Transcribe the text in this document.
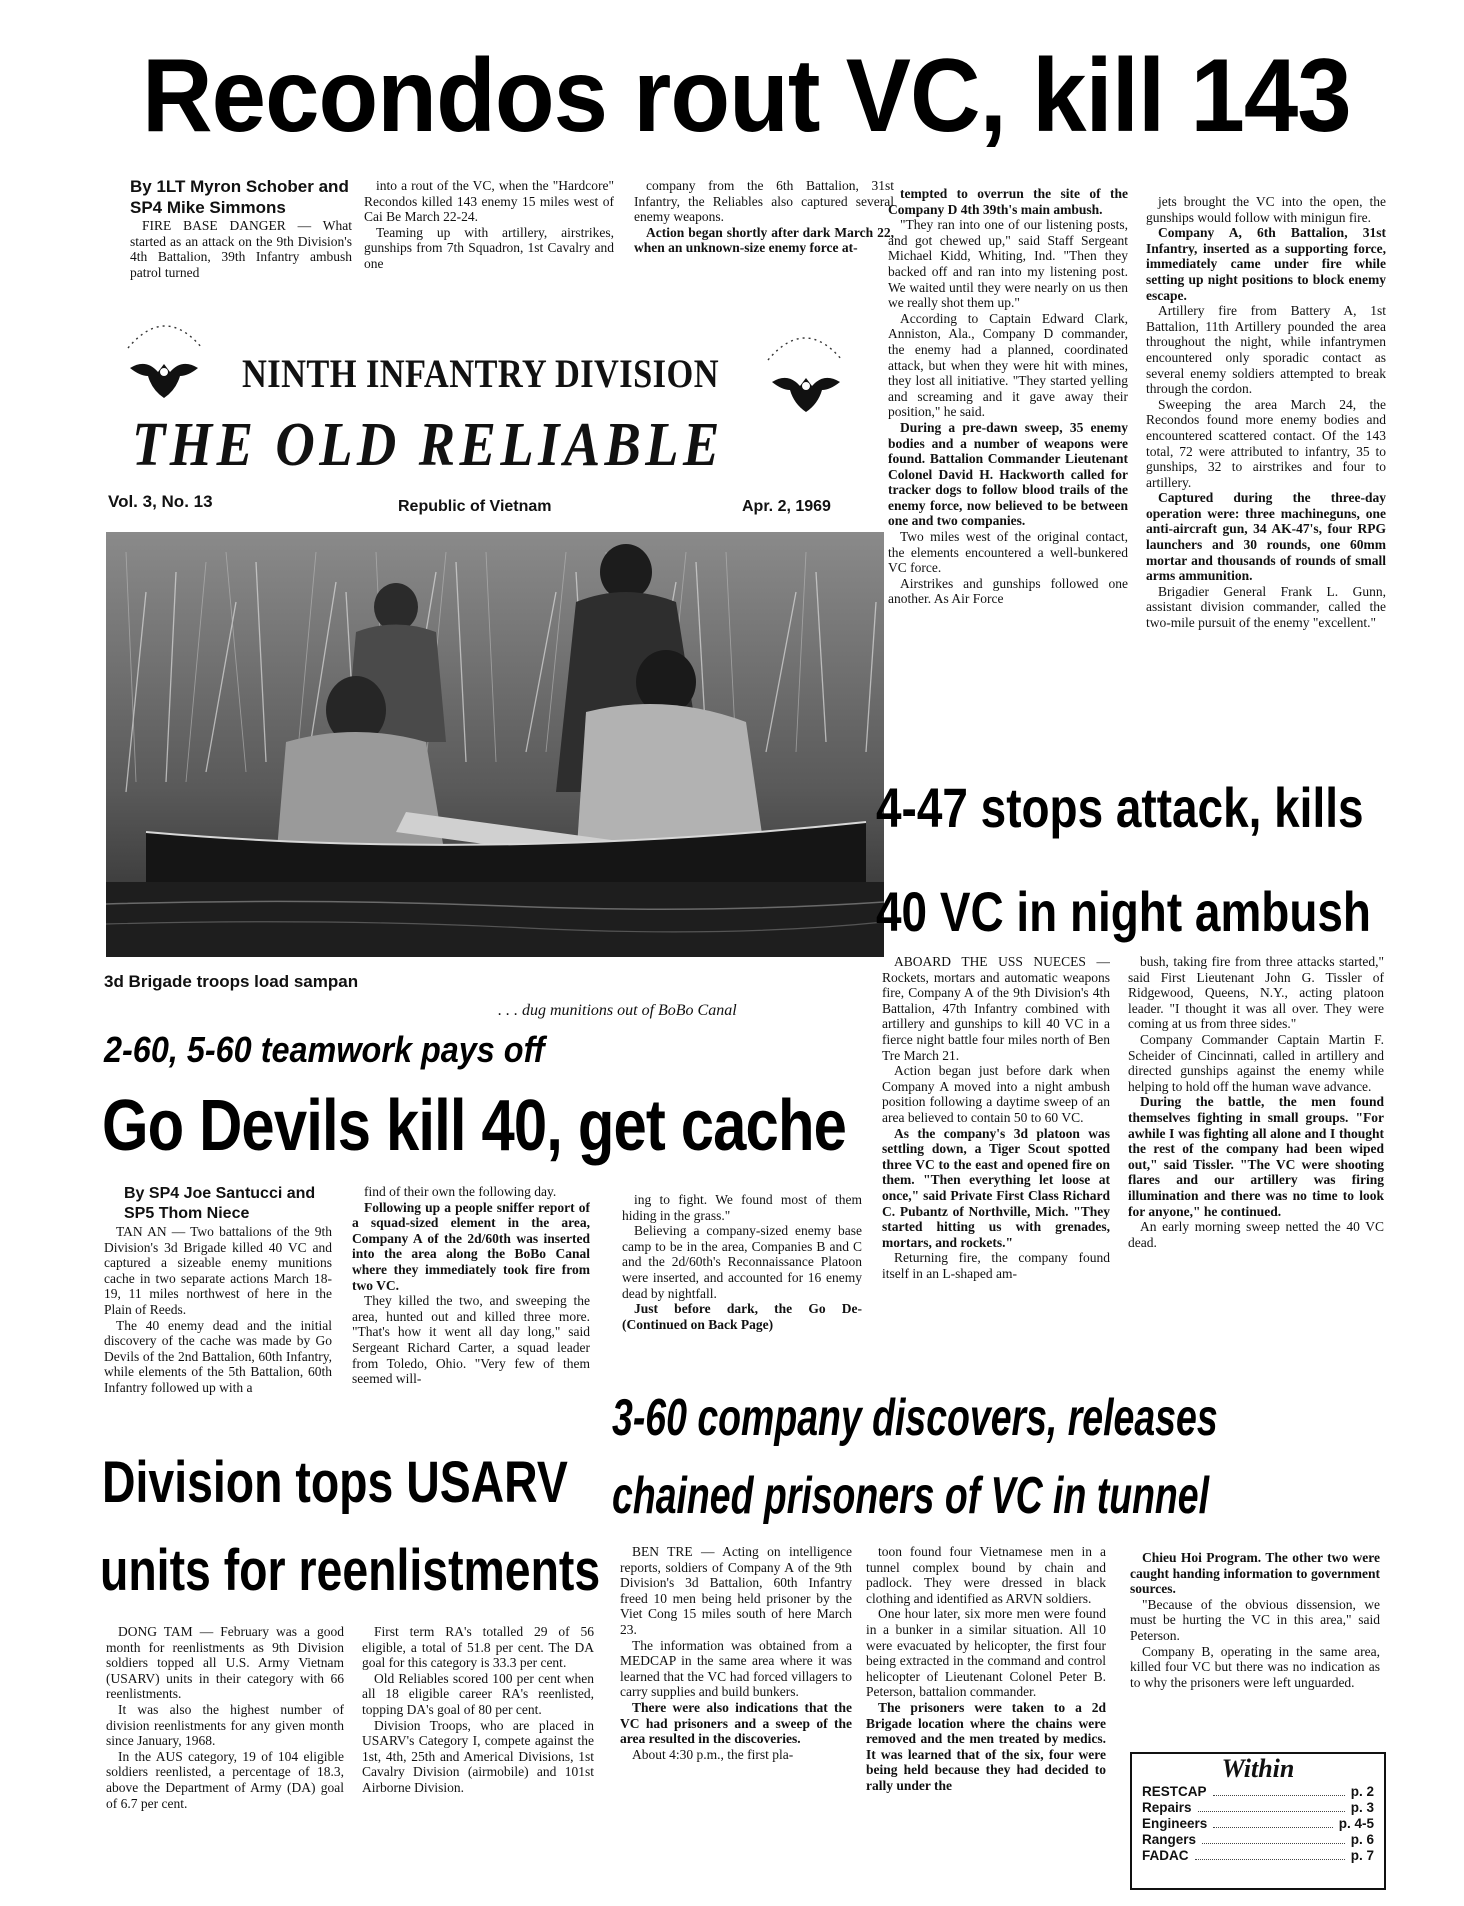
Recondos rout VC, kill 143
By 1LT Myron Schober and SP4 Mike Simmons

FIRE BASE DANGER — What started as an attack on the 9th Division's 4th Battalion, 39th Infantry ambush patrol turned

into a rout of the VC, when the "Hardcore" Recondos killed 143 enemy 15 miles west of Cai Be March 22-24.

Teaming up with artillery, airstrikes, gunships from 7th Squadron, 1st Cavalry and one

company from the 6th Battalion, 31st Infantry, the Reliables also captured several enemy weapons.

Action began shortly after dark March 22, when an unknown-size enemy force at-

tempted to overrun the site of the Company D 4th 39th's main ambush.

"They ran into one of our listening posts, and got chewed up," said Staff Sergeant Michael Kidd, Whiting, Ind. "Then they backed off and ran into my listening post. We waited until they were nearly on us then we really shot them up."

According to Captain Edward Clark, Anniston, Ala., Company D commander, the enemy had a planned, coordinated attack, but when they were hit with mines, they lost all initiative. "They started yelling and screaming and it gave away their position," he said.

During a pre-dawn sweep, 35 enemy bodies and a number of weapons were found. Battalion Commander Lieutenant Colonel David H. Hackworth called for tracker dogs to follow blood trails of the enemy force, now believed to be between one and two companies.

Two miles west of the original contact, the elements encountered a well-bunkered VC force.

Airstrikes and gunships followed one another. As Air Force

jets brought the VC into the open, the gunships would follow with minigun fire.

Company A, 6th Battalion, 31st Infantry, inserted as a supporting force, immediately came under fire while setting up night positions to block enemy escape.

Artillery fire from Battery A, 1st Battalion, 11th Artillery pounded the area throughout the night, while infantrymen encountered only sporadic contact as several enemy soldiers attempted to break through the cordon.

Sweeping the area March 24, the Recondos found more enemy bodies and encountered scattered contact. Of the 143 total, 72 were attributed to infantry, 35 to gunships, 32 to airstrikes and four to artillery.

Captured during the three-day operation were: three machineguns, one anti-aircraft gun, 34 AK-47's, four RPG launchers and 30 rounds, one 60mm mortar and thousands of rounds of small arms ammunition.

Brigadier General Frank L. Gunn, assistant division commander, called the two-mile pursuit of the enemy "excellent."

NINTH INFANTRY DIVISION
THE OLD RELIABLE
Vol. 3, No. 13	Republic of Vietnam	Apr. 2, 1969
3d Brigade troops load sampan
. . . dug munitions out of BoBo Canal
4-47 stops attack, kills
40 VC in night ambush

ABOARD THE USS NUECES — Rockets, mortars and automatic weapons fire, Company A of the 9th Division's 4th Battalion, 47th Infantry combined with artillery and gunships to kill 40 VC in a fierce night battle four miles north of Ben Tre March 21.

Action began just before dark when Company A moved into a night ambush position following a daytime sweep of an area believed to contain 50 to 60 VC.

As the company's 3d platoon was settling down, a Tiger Scout spotted three VC to the east and opened fire on them. "Then everything let loose at once," said Private First Class Richard C. Pubantz of Northville, Mich. "They started hitting us with grenades, mortars, and rockets."

Returning fire, the company found itself in an L-shaped am-

bush, taking fire from three attacks started," said First Lieutenant John G. Tissler of Ridgewood, Queens, N.Y., acting platoon leader. "I thought it was all over. They were coming at us from three sides."

Company Commander Captain Martin F. Scheider of Cincinnati, called in artillery and directed gunships against the enemy while helping to hold off the human wave advance.

During the battle, the men found themselves fighting in small groups. "For awhile I was fighting all alone and I thought the rest of the company had been wiped out," said Tissler. "The VC were shooting flares and our artillery was firing illumination and there was no time to look for anyone," he continued.

An early morning sweep netted the 40 VC dead.

2-60, 5-60 teamwork pays off
Go Devils kill 40, get cache
By SP4 Joe Santucci and SP5 Thom Niece

TAN AN — Two battalions of the 9th Division's 3d Brigade killed 40 VC and captured a sizeable enemy munitions cache in two separate actions March 18-19, 11 miles northwest of here in the Plain of Reeds.

The 40 enemy dead and the initial discovery of the cache was made by Go Devils of the 2nd Battalion, 60th Infantry, while elements of the 5th Battalion, 60th Infantry followed up with a

find of their own the following day.

Following up a people sniffer report of a squad-sized element in the area, Company A of the 2d/60th was inserted into the area along the BoBo Canal where they immediately took fire from two VC.

They killed the two, and sweeping the area, hunted out and killed three more. "That's how it went all day long," said Sergeant Richard Carter, a squad leader from Toledo, Ohio. "Very few of them seemed will-

ing to fight. We found most of them hiding in the grass."

Believing a company-sized enemy base camp to be in the area, Companies B and C and the 2d/60th's Reconnaissance Platoon were inserted, and accounted for 16 enemy dead by nightfall.

Just before dark, the Go De- (Continued on Back Page)

3-60 company discovers, releases
chained prisoners of VC in tunnel

BEN TRE — Acting on intelligence reports, soldiers of Company A of the 9th Division's 3d Battalion, 60th Infantry freed 10 men being held prisoner by the Viet Cong 15 miles south of here March 23.

The information was obtained from a MEDCAP in the same area where it was learned that the VC had forced villagers to carry supplies and build bunkers.

There were also indications that the VC had prisoners and a sweep of the area resulted in the discoveries.

About 4:30 p.m., the first pla-

toon found four Vietnamese men in a tunnel complex bound by chain and padlock. They were dressed in black clothing and identified as ARVN soldiers.

One hour later, six more men were found in a bunker in a similar situation. All 10 were evacuated by helicopter, the first four being extracted in the command and control helicopter of Lieutenant Colonel Peter B. Peterson, battalion commander.

The prisoners were taken to a 2d Brigade location where the chains were removed and the men treated by medics. It was learned that of the six, four were being held because they had decided to rally under the

Chieu Hoi Program. The other two were caught handing information to government sources.

"Because of the obvious dissension, we must be hurting the VC in this area," said Peterson.

Company B, operating in the same area, killed four VC but there was no indication as to why the prisoners were left unguarded.

Division tops USARV
units for reenlistments

DONG TAM — February was a good month for reenlistments as 9th Division soldiers topped all U.S. Army Vietnam (USARV) units in their category with 66 reenlistments.

It was also the highest number of division reenlistments for any given month since January, 1968.

In the AUS category, 19 of 104 eligible soldiers reenlisted, a percentage of 18.3, above the Department of Army (DA) goal of 6.7 per cent.

First term RA's totalled 29 of 56 eligible, a total of 51.8 per cent. The DA goal for this category is 33.3 per cent.

Old Reliables scored 100 per cent when all 18 eligible career RA's reenlisted, topping DA's goal of 80 per cent.

Division Troops, who are placed in USARV's Category I, compete against the 1st, 4th, 25th and Americal Divisions, 1st Cavalry Division (airmobile) and 101st Airborne Division.

Within
RESTCAP	p. 2
Repairs	p. 3
Engineers	p. 4-5
Rangers	p. 6
FADAC	p. 7
